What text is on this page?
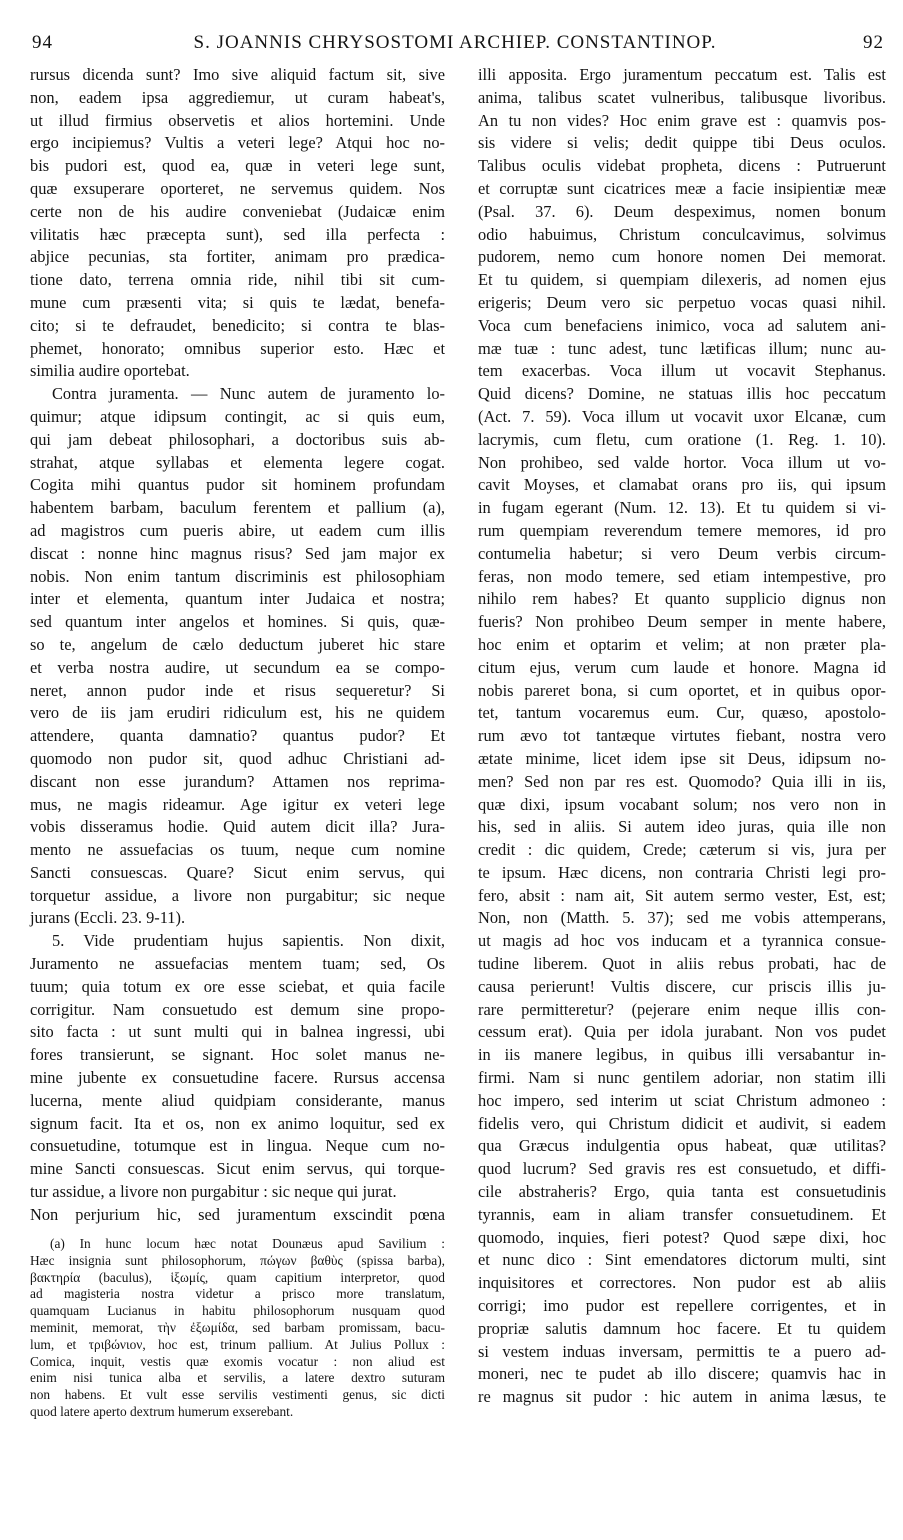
94	S. JOANNIS CHRYSOSTOMI ARCHIEP. CONSTANTINOP.	92
rursus dicenda sunt? Imo sive aliquid factum sit, sive
non, eadem ipsa aggrediemur, ut curam habeat's,
ut illud firmius observetis et alios hortemini. Unde
ergo incipiemus? Vultis a veteri lege? Atqui hoc no-
bis pudori est, quod ea, quæ in veteri lege sunt,
quæ exsuperare oporteret, ne servemus quidem. Nos
certe non de his audire conveniebat (Judaicæ enim
vilitatis hæc præcepta sunt), sed illa perfecta :
abjice pecunias, sta fortiter, animam pro prædica-
tione dato, terrena omnia ride, nihil tibi sit cum-
mune cum præsenti vita; si quis te lædat, benefa-
cito; si te defraudet, benedicito; si contra te blas-
phemet, honorato; omnibus superior esto. Hæc et
similia audire oportebat.
Contra juramenta. — Nunc autem de juramento lo-
quimur; atque idipsum contingit, ac si quis eum,
qui jam debeat philosophari, a doctoribus suis ab-
strahat, atque syllabas et elementa legere cogat.
Cogita mihi quantus pudor sit hominem profundam
habentem barbam, baculum ferentem et pallium (a),
ad magistros cum pueris abire, ut eadem cum illis
discat : nonne hinc magnus risus? Sed jam major ex
nobis. Non enim tantum discriminis est philosophiam
inter et elementa, quantum inter Judaica et nostra;
sed quantum inter angelos et homines. Si quis, quæ-
so te, angelum de cælo deductum juberet hic stare
et verba nostra audire, ut secundum ea se compo-
neret, annon pudor inde et risus sequeretur? Si
vero de iis jam erudiri ridiculum est, his ne quidem
attendere, quanta damnatio? quantus pudor? Et
quomodo non pudor sit, quod adhuc Christiani ad-
discant non esse jurandum? Attamen nos reprima-
mus, ne magis rideamur. Age igitur ex veteri lege
vobis disseramus hodie. Quid autem dicit illa? Jura-
mento ne assuefacias os tuum, neque cum nomine
Sancti consuescas. Quare? Sicut enim servus, qui
torquetur assidue, a livore non purgabitur; sic neque
jurans (Eccli. 23. 9-11).
5. Vide prudentiam hujus sapientis. Non dixit,
Juramento ne assuefacias mentem tuam; sed, Os
tuum; quia totum ex ore esse sciebat, et quia facile
corrigitur. Nam consuetudo est demum sine propo-
sito facta : ut sunt multi qui in balnea ingressi, ubi
fores transierunt, se signant. Hoc solet manus ne-
mine jubente ex consuetudine facere. Rursus accensa
lucerna, mente aliud quidpiam considerante, manus
signum facit. Ita et os, non ex animo loquitur, sed ex
consuetudine, totumque est in lingua. Neque cum no-
mine Sancti consuescas. Sicut enim servus, qui torque-
tur assidue, a livore non purgabitur : sic neque qui jurat.
Non perjurium hic, sed juramentum exscindit pœna
(a) In hunc locum hæc notat Dounæus apud Savilium :
Hæc insignia sunt philosophorum, πώγων βαθὺς (spissa barba),
βακτηρία (baculus), ἱξωμίς, quam capitium interpretor, quod
ad magisteria nostra videtur a prisco more translatum,
quamquam Lucianus in habitu philosophorum nusquam quod
meminit, memorat, τὴν ἐξωμίδα, sed barbam promissam, bacu-
lum, et τριβώνιον, hoc est, trinum pallium. At Julius Pollux :
Comica, inquit, vestis quæ exomis vocatur : non aliud est
enim nisi tunica alba et servilis, a latere dextro suturam
non habens. Et vult esse servilis vestimenti genus, sic dicti
quod latere aperto dextrum humerum exserebant.
illi apposita. Ergo juramentum peccatum est. Talis est
anima, talibus scatet vulneribus, talibusque livoribus.
An tu non vides? Hoc enim grave est : quamvis pos-
sis videre si velis; dedit quippe tibi Deus oculos.
Talibus oculis videbat propheta, dicens : Putruerunt
et corruptæ sunt cicatrices meæ a facie insipientiæ meæ
(Psal. 37. 6). Deum despeximus, nomen bonum
odio habuimus, Christum conculcavimus, solvimus
pudorem, nemo cum honore nomen Dei memorat.
Et tu quidem, si quempiam dilexeris, ad nomen ejus
erigeris; Deum vero sic perpetuo vocas quasi nihil.
Voca cum benefaciens inimico, voca ad salutem ani-
mæ tuæ : tunc adest, tunc lætificas illum; nunc au-
tem exacerbas. Voca illum ut vocavit Stephanus.
Quid dicens? Domine, ne statuas illis hoc peccatum
(Act. 7. 59). Voca illum ut vocavit uxor Elcanæ, cum
lacrymis, cum fletu, cum oratione (1. Reg. 1. 10).
Non prohibeo, sed valde hortor. Voca illum ut vo-
cavit Moyses, et clamabat orans pro iis, qui ipsum
in fugam egerant (Num. 12. 13). Et tu quidem si vi-
rum quempiam reverendum temere memores, id pro
contumelia habetur; si vero Deum verbis circum-
feras, non modo temere, sed etiam intempestive, pro
nihilo rem habes? Et quanto supplicio dignus non
fueris? Non prohibeo Deum semper in mente habere,
hoc enim et optarim et velim; at non præter pla-
citum ejus, verum cum laude et honore. Magna id
nobis pareret bona, si cum oportet, et in quibus opor-
tet, tantum vocaremus eum. Cur, quæso, apostolo-
rum ævo tot tantæque virtutes fiebant, nostra vero
ætate minime, licet idem ipse sit Deus, idipsum no-
men? Sed non par res est. Quomodo? Quia illi in iis,
quæ dixi, ipsum vocabant solum; nos vero non in
his, sed in aliis. Si autem ideo juras, quia ille non
credit : dic quidem, Crede; cæterum si vis, jura per
te ipsum. Hæc dicens, non contraria Christi legi pro-
fero, absit : nam ait, Sit autem sermo vester, Est, est;
Non, non (Matth. 5. 37); sed me vobis attemperans,
ut magis ad hoc vos inducam et a tyrannica consue-
tudine liberem. Quot in aliis rebus probati, hac de
causa perierunt! Vultis discere, cur priscis illis ju-
rare permitteretur? (pejerare enim neque illis con-
cessum erat). Quia per idola jurabant. Non vos pudet
in iis manere legibus, in quibus illi versabantur in-
firmi. Nam si nunc gentilem adoriar, non statim illi
hoc impero, sed interim ut sciat Christum admoneo :
fidelis vero, qui Christum didicit et audivit, si eadem
qua Græcus indulgentia opus habeat, quæ utilitas?
quod lucrum? Sed gravis res est consuetudo, et diffi-
cile abstraheris? Ergo, quia tanta est consuetudinis
tyrannis, eam in aliam transfer consuetudinem. Et
quomodo, inquies, fieri potest? Quod sæpe dixi, hoc
et nunc dico : Sint emendatores dictorum multi, sint
inquisitores et correctores. Non pudor est ab aliis
corrigi; imo pudor est repellere corrigentes, et in
propriæ salutis damnum hoc facere. Et tu quidem
si vestem induas inversam, permittis te a puero ad-
moneri, nec te pudet ab illo discere; quamvis hac in
re magnus sit pudor : hic autem in anima læsus, te
